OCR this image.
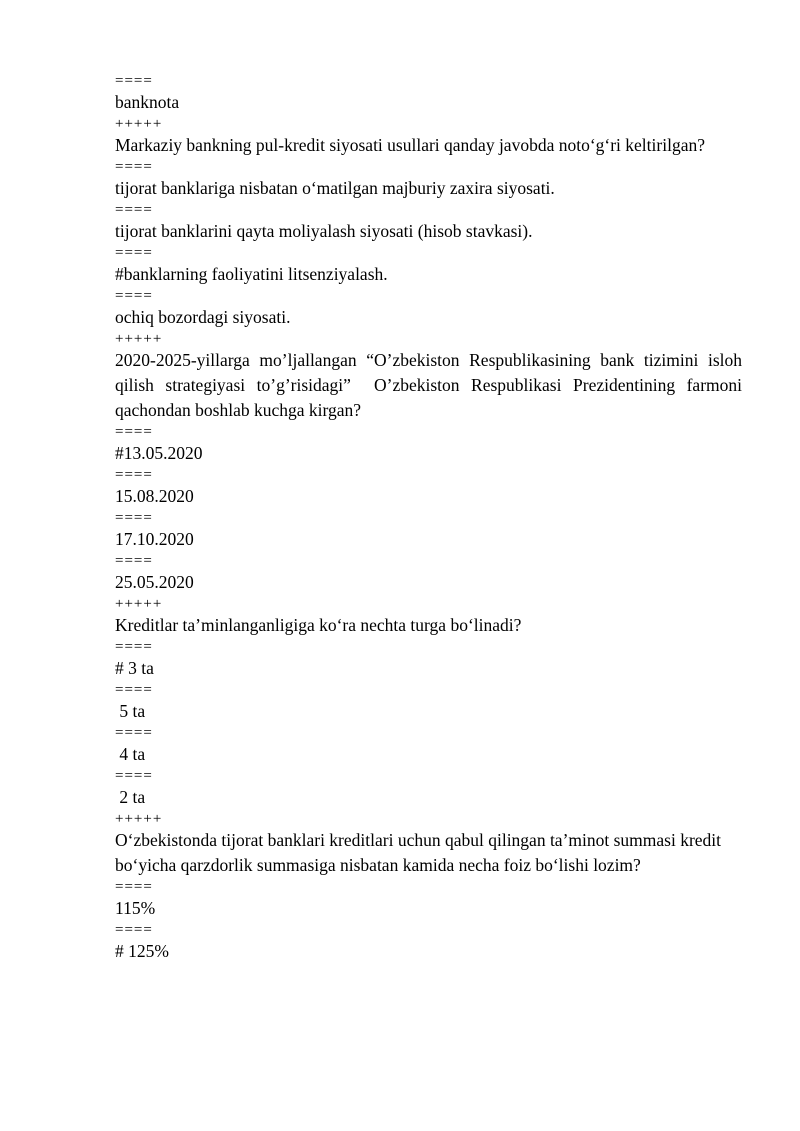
====
banknota
+++++
Markaziy bankning pul-kredit siyosati usullari qanday javobda noto‘g‘ri keltirilgan?
====
tijorat banklariga nisbatan o‘matilgan majburiy zaxira siyosati.
====
tijorat banklarini qayta moliyalash siyosati (hisob stavkasi).
====
#banklarning faoliyatini litsenziyalash.
====
ochiq bozordagi siyosati.
+++++
2020-2025-yillarga mo’ljallangan “O’zbekiston Respublikasining bank tizimini isloh qilish strategiyasi to’g’risidagi”  O’zbekiston Respublikasi Prezidentining farmoni qachondan boshlab kuchga kirgan?
====
#13.05.2020
====
15.08.2020
====
17.10.2020
====
25.05.2020
+++++
Kreditlar ta’minlanganligiga ko‘ra nechta turga bo‘linadi?
====
# 3 ta
====
5 ta
====
4 ta
====
2 ta
+++++
O‘zbekistonda tijorat banklari kreditlari uchun qabul qilingan ta’minot summasi kredit bo‘yicha qarzdorlik summasiga nisbatan kamida necha foiz bo‘lishi lozim?
====
115%
====
# 125%
